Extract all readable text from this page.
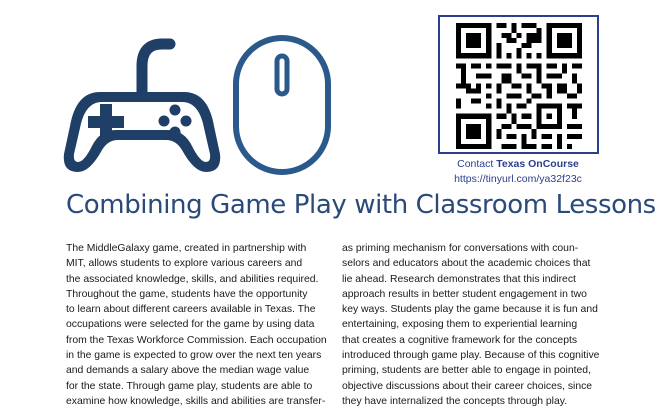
Contact Texas OnCourse
https://tinyurl.com/ya32f23c
Combining Game Play with Classroom Lessons
The MiddleGalaxy game, created in partnership with
MIT, allows students to explore various careers and
the associated knowledge, skills, and abilities required.
Throughout the game, students have the opportunity
to learn about different careers available in Texas. The
occupations were selected for the game by using data
from the Texas Workforce Commission. Each occupation
in the game is expected to grow over the next ten years
and demands a salary above the median wage value
for the state. Through game play, students are able to
examine how knowledge, skills and abilities are transfer-
as priming mechanism for conversations with coun-
selors and educators about the academic choices that
lie ahead. Research demonstrates that this indirect
approach results in better student engagement in two
key ways. Students play the game because it is fun and
entertaining, exposing them to experiential learning
that creates a cognitive framework for the concepts
introduced through game play. Because of this cognitive
priming, students are better able to engage in pointed,
objective discussions about their career choices, since
they have internalized the concepts through play.
